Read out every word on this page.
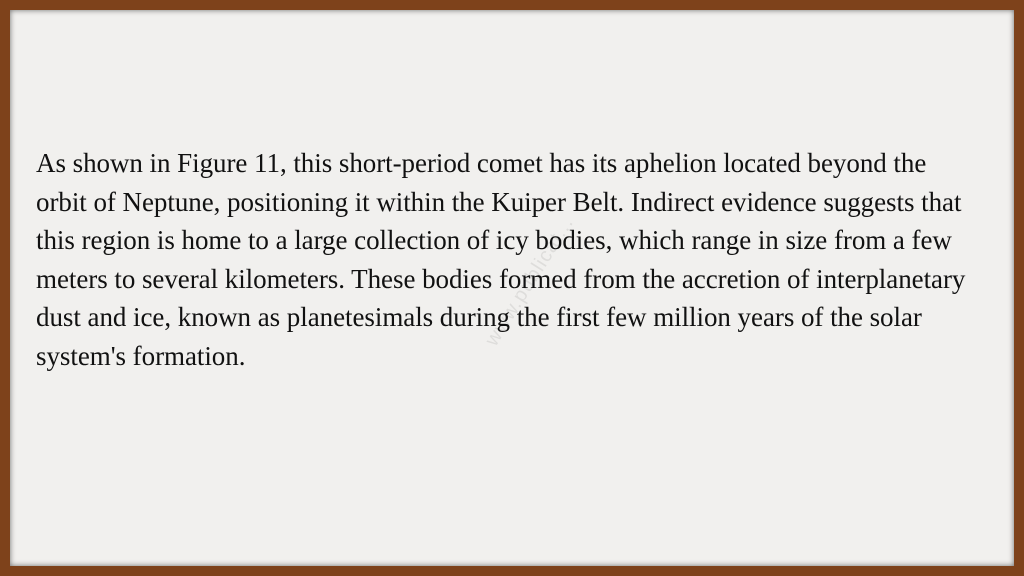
As shown in Figure 11, this short-period comet has its aphelion located beyond the orbit of Neptune, positioning it within the Kuiper Belt. Indirect evidence suggests that this region is home to a large collection of icy bodies, which range in size from a few meters to several kilometers. These bodies formed from the accretion of interplanetary dust and ice, known as planetesimals during the first few million years of the solar system's formation.

www.publicat...
